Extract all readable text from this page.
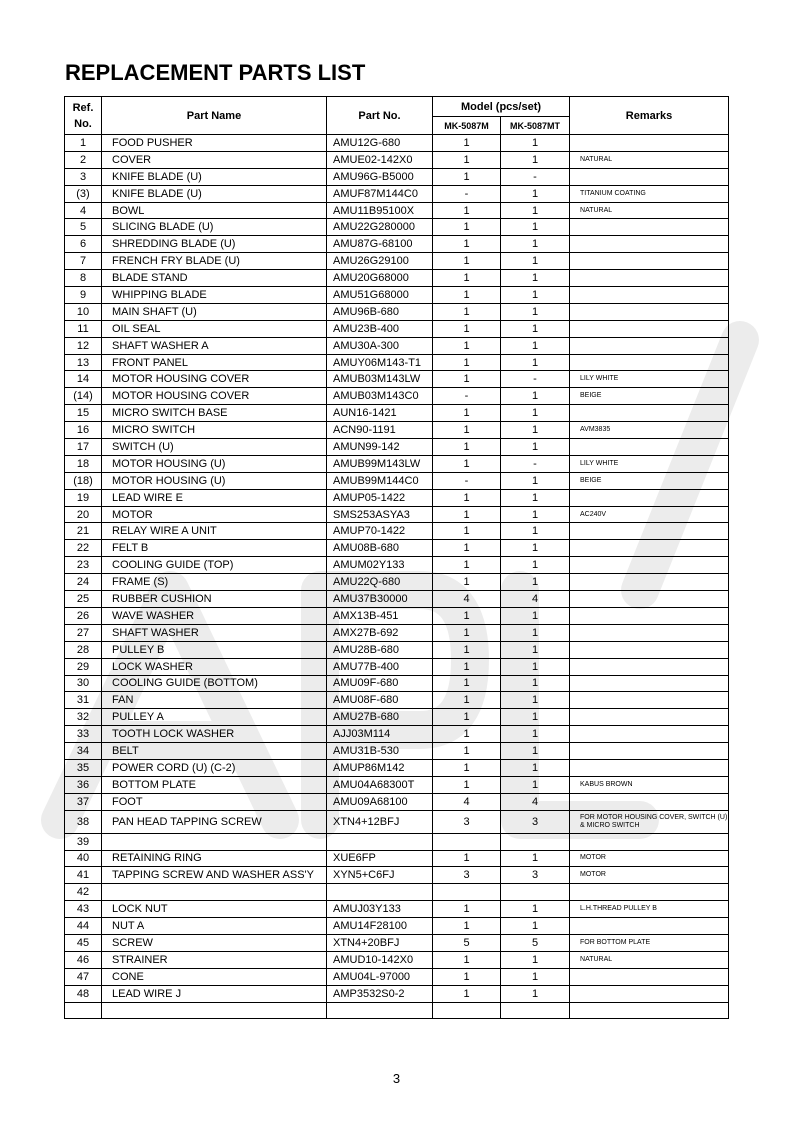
REPLACEMENT PARTS LIST
Ref.
No.	Part Name	Part No.	Model (pcs/set)		Remarks
			MK-5087M	MK-5087MT	
1	FOOD PUSHER	AMU12G-680	1	1	
2	COVER	AMUE02-142X0	1	1	NATURAL
3	KNIFE BLADE (U)	AMU96G-B5000	1	-	
(3)	KNIFE BLADE (U)	AMUF87M144C0	-	1	TITANIUM COATING
4	BOWL	AMU11B95100X	1	1	NATURAL
5	SLICING BLADE (U)	AMU22G280000	1	1	
6	SHREDDING BLADE (U)	AMU87G-68100	1	1	
7	FRENCH FRY BLADE (U)	AMU26G29100	1	1	
8	BLADE STAND	AMU20G68000	1	1	
9	WHIPPING BLADE	AMU51G68000	1	1	
10	MAIN SHAFT (U)	AMU96B-680	1	1	
11	OIL SEAL	AMU23B-400	1	1	
12	SHAFT WASHER A	AMU30A-300	1	1	
13	FRONT PANEL	AMUY06M143-T1	1	1	
14	MOTOR HOUSING COVER	AMUB03M143LW	1	-	LILY WHITE
(14)	MOTOR HOUSING COVER	AMUB03M143C0	-	1	BEIGE
15	MICRO SWITCH BASE	AUN16-1421	1	1	
16	MICRO SWITCH	ACN90-1191	1	1	AVM3835
17	SWITCH (U)	AMUN99-142	1	1	
18	MOTOR HOUSING (U)	AMUB99M143LW	1	-	LILY WHITE
(18)	MOTOR HOUSING (U)	AMUB99M144C0	-	1	BEIGE
19	LEAD WIRE E	AMUP05-1422	1	1	
20	MOTOR	SMS253ASYA3	1	1	AC240V
21	RELAY WIRE A UNIT	AMUP70-1422	1	1	
22	FELT B	AMU08B-680	1	1	
23	COOLING GUIDE (TOP)	AMUM02Y133	1	1	
24	FRAME (S)	AMU22Q-680	1	1	
25	RUBBER CUSHION	AMU37B30000	4	4	
26	WAVE WASHER	AMX13B-451	1	1	
27	SHAFT WASHER	AMX27B-692	1	1	
28	PULLEY B	AMU28B-680	1	1	
29	LOCK WASHER	AMU77B-400	1	1	
30	COOLING GUIDE (BOTTOM)	AMU09F-680	1	1	
31	FAN	AMU08F-680	1	1	
32	PULLEY A	AMU27B-680	1	1	
33	TOOTH LOCK WASHER	AJJ03M114	1	1	
34	BELT	AMU31B-530	1	1	
35	POWER CORD (U) (C-2)	AMUP86M142	1	1	
36	BOTTOM PLATE	AMU04A68300T	1	1	KABUS BROWN
37	FOOT	AMU09A68100	4	4	
38	PAN HEAD TAPPING SCREW	XTN4+12BFJ	3	3	FOR MOTOR HOUSING COVER, SWITCH (U) & MICRO SWITCH
39					
40	RETAINING RING	XUE6FP	1	1	MOTOR
41	TAPPING SCREW AND WASHER ASS'Y	XYN5+C6FJ	3	3	MOTOR
42					
43	LOCK NUT	AMUJ03Y133	1	1	L.H.THREAD PULLEY B
44	NUT A	AMU14F28100	1	1	
45	SCREW	XTN4+20BFJ	5	5	FOR BOTTOM PLATE
46	STRAINER	AMUD10-142X0	1	1	NATURAL
47	CONE	AMU04L-97000	1	1	
48	LEAD WIRE J	AMP3532S0-2	1	1	

3
